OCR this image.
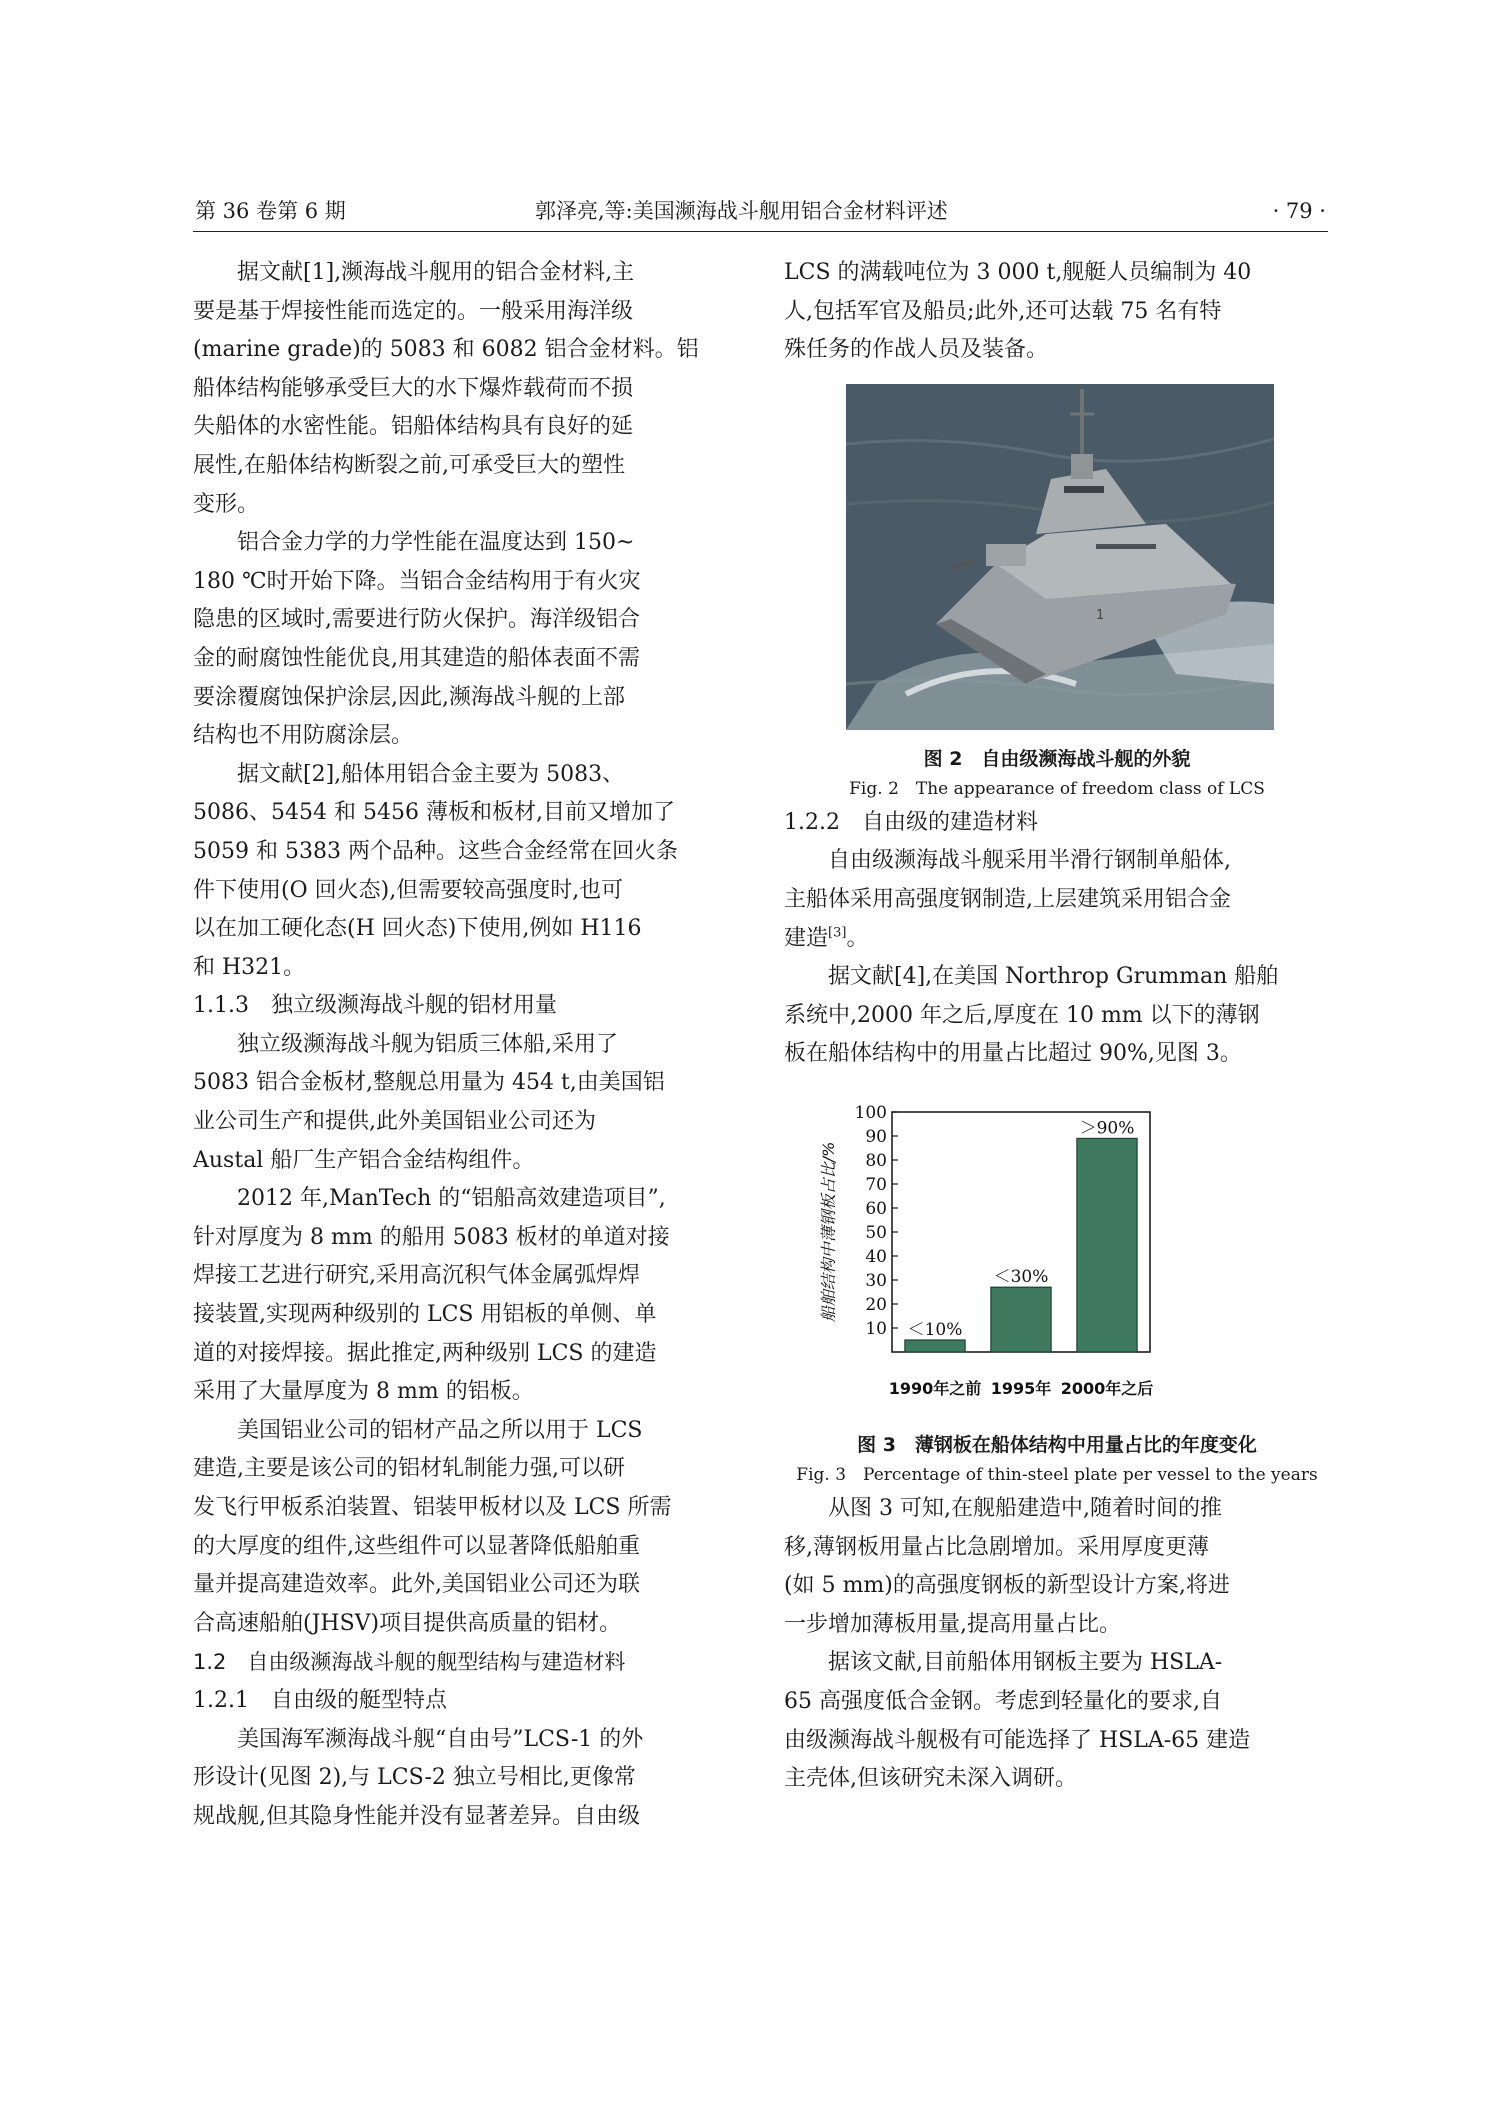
第 36 卷第 6 期	郭泽亮,等:美国濒海战斗舰用铝合金材料评述	· 79 ·

据文献[1],濒海战斗舰用的铝合金材料,主

要是基于焊接性能而选定的。一般采用海洋级

(marine grade)的 5083 和 6082 铝合金材料。铝

船体结构能够承受巨大的水下爆炸载荷而不损

失船体的水密性能。铝船体结构具有良好的延

展性,在船体结构断裂之前,可承受巨大的塑性

变形。

铝合金力学的力学性能在温度达到 150~

180 ℃时开始下降。当铝合金结构用于有火灾

隐患的区域时,需要进行防火保护。海洋级铝合

金的耐腐蚀性能优良,用其建造的船体表面不需

要涂覆腐蚀保护涂层,因此,濒海战斗舰的上部

结构也不用防腐涂层。

据文献[2],船体用铝合金主要为 5083、

5086、5454 和 5456 薄板和板材,目前又增加了

5059 和 5383 两个品种。这些合金经常在回火条

件下使用(O 回火态),但需要较高强度时,也可

以在加工硬化态(H 回火态)下使用,例如 H116

和 H321。

1.1.3　独立级濒海战斗舰的铝材用量

独立级濒海战斗舰为铝质三体船,采用了

5083 铝合金板材,整舰总用量为 454 t,由美国铝

业公司生产和提供,此外美国铝业公司还为

Austal 船厂生产铝合金结构组件。

2012 年,ManTech 的“铝船高效建造项目”,

针对厚度为 8 mm 的船用 5083 板材的单道对接

焊接工艺进行研究,采用高沉积气体金属弧焊焊

接装置,实现两种级别的 LCS 用铝板的单侧、单

道的对接焊接。据此推定,两种级别 LCS 的建造

采用了大量厚度为 8 mm 的铝板。

美国铝业公司的铝材产品之所以用于 LCS

建造,主要是该公司的铝材轧制能力强,可以研

发飞行甲板系泊装置、铝装甲板材以及 LCS 所需

的大厚度的组件,这些组件可以显著降低船舶重

量并提高建造效率。此外,美国铝业公司还为联

合高速船舶(JHSV)项目提供高质量的铝材。

1.2　自由级濒海战斗舰的舰型结构与建造材料
1.2.1　自由级的艇型特点

美国海军濒海战斗舰“自由号”LCS-1 的外

形设计(见图 2),与 LCS-2 独立号相比,更像常

规战舰,但其隐身性能并没有显著差异。自由级

LCS 的满载吨位为 3 000 t,舰艇人员编制为 40

人,包括军官及船员;此外,还可达载 75 名有特

殊任务的作战人员及装备。

1
图 2　自由级濒海战斗舰的外貌
Fig. 2　The appearance of freedom class of LCS
1.2.2　自由级的建造材料

自由级濒海战斗舰采用半滑行钢制单船体,

主船体采用高强度钢制造,上层建筑采用铝合金

建造[3]。

据文献[4],在美国 Northrop Grumman 船舶

系统中,2000 年之后,厚度在 10 mm 以下的薄钢

板在船体结构中的用量占比超过 90%,见图 3。

10
20
30
40
50
60
70
80
90
100
船舶结构中薄钢板占比/%
＜10%
1990年之前
＜30%
1995年
＞90%
2000年之后
图 3　薄钢板在船体结构中用量占比的年度变化
Fig. 3　Percentage of thin-steel plate per vessel to the years

从图 3 可知,在舰船建造中,随着时间的推

移,薄钢板用量占比急剧增加。采用厚度更薄

(如 5 mm)的高强度钢板的新型设计方案,将进

一步增加薄板用量,提高用量占比。

据该文献,目前船体用钢板主要为 HSLA-

65 高强度低合金钢。考虑到轻量化的要求,自

由级濒海战斗舰极有可能选择了 HSLA-65 建造

主壳体,但该研究未深入调研。
